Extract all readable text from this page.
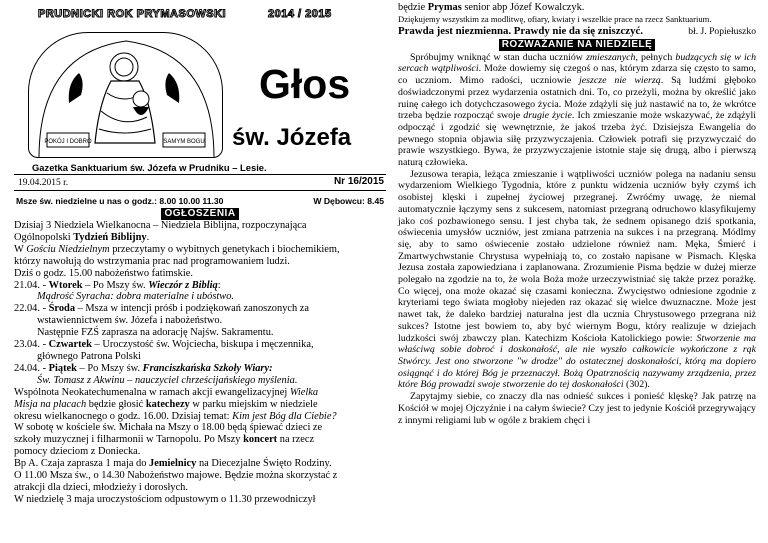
PRUDNICKI ROK PRYMASOWSKI	2014 / 2015
POKÓJ I DOBRO	SAMYM BOGU
Głos
św. Józefa
Gazetka Sanktuarium św. Józefa w Prudniku – Lesie.
19.04.2015 r.	Nr 16/2015
Msze św. niedzielne u nas o godz.: 8.00 10.00 11.30	W Dębowcu: 8.45
OGŁOSZENIA

Dzisiaj 3 Niedziela Wielkanocna – Niedziela Biblijna, rozpoczynająca

Ogólnopolski Tydzień Biblijny.

W Gościu Niedzielnym przeczytamy o wybitnych genetykach i biochemikiem,

którzy nawołują do wstrzymania prac nad programowaniem ludzi.

Dziś o godz. 15.00 nabożeństwo fatimskie.

21.04. - Wtorek – Po Mszy św. Wieczór z Biblią:

Mądrość Syracha: dobra materialne i ubóstwo.

22.04. - Środa – Msza w intencji próśb i podziękowań zanoszonych za

wstawiennictwem św. Józefa i nabożeństwo.

Następnie FZŚ zaprasza na adorację Najśw. Sakramentu.

23.04. - Czwartek – Uroczystość św. Wojciecha, biskupa i męczennika,

głównego Patrona Polski

24.04. - Piątek – Po Mszy św. Franciszkańska Szkoły Wiary:

Św. Tomasz z Akwinu – nauczyciel chrześcijańskiego myślenia.

Wspólnota Neokatechumenalna w ramach akcji ewangelizacyjnej Wielka

Misja na placach będzie głosić katechezy w parku miejskim w niedziele

okresu wielkanocnego o godz. 16.00. Dzisiaj temat: Kim jest Bóg dla Ciebie?

W sobotę w kościele św. Michała na Mszy o 18.00 będą śpiewać dzieci ze

szkoły muzycznej i filharmonii w Tarnopolu. Po Mszy koncert na rzecz

pomocy dzieciom z Doniecka.

Bp A. Czaja zaprasza 1 maja do Jemielnicy na Diecezjalne Święto Rodziny.

O 11.00 Msza św., o 14.30 Nabożeństwo majowe. Będzie można skorzystać z

atrakcji dla dzieci, młodzieży i dorosłych.

W niedzielę 3 maja uroczystościom odpustowym o 11.30 przewodniczył

będzie Prymas senior abp Józef Kowalczyk.

Dziękujemy wszystkim za modlitwę, ofiary, kwiaty i wszelkie prace na rzecz Sanktuarium.

Prawda jest niezmienna. Prawdy nie da się zniszczyć.	bł. J. Popiełuszko
ROZWAŻANIE NA NIEDZIELĘ

Spróbujmy wniknąć w stan ducha uczniów zmieszanych, pełnych budzących się w ich sercach wątpliwości. Może dowiemy się czegoś o nas, którym zdarza się często to samo, co uczniom. Mimo radości, uczniowie jeszcze nie wierzą. Są ludźmi głęboko doświadczonymi przez wydarzenia ostatnich dni. To, co przeżyli, można by określić jako ruinę całego ich dotychczasowego życia. Może zdążyli się już nastawić na to, że wkrótce trzeba będzie rozpocząć swoje drugie życie. Ich zmieszanie może wskazywać, że zdążyli odpocząć i zgodzić się wewnętrznie, że jakoś trzeba żyć. Dzisiejsza Ewangelia do pewnego stopnia objawia siłę przyzwyczajenia. Człowiek potrafi się przyzwyczaić do prawie wszystkiego. Bywa, że przyzwyczajenie istotnie staje się drugą, albo i pierwszą naturą człowieka.

Jezusowa terapia, leżąca zmieszanie i wątpliwości uczniów polega na nadaniu sensu wydarzeniom Wielkiego Tygodnia, które z punktu widzenia uczniów były czymś ich osobistej klęski i zupełnej życiowej przegranej. Zwróćmy uwagę, że niemal automatycznie łączymy sens z sukcesem, natomiast przegraną odruchowo klasyfikujemy jako coś pozbawionego sensu. I jest chyba tak, że sednem opisanego dziś spotkania, oświecenia umysłów uczniów, jest zmiana patrzenia na sukces i na przegraną. Módlmy się, aby to samo oświecenie zostało udzielone również nam. Męka, Śmierć i Zmartwychwstanie Chrystusa wypełniają to, co zostało napisane w Pismach. Klęska Jezusa została zapowiedziana i zaplanowana. Zrozumienie Pisma będzie w dużej mierze polegało na zgodzie na to, że wola Boża może urzeczywistniać się także przez porażkę. Co więcej, ona może okazać się czasami konieczna. Zwycięstwo odniesione zgodnie z kryteriami tego świata mogłoby niejeden raz okazać się wielce dwuznaczne. Może jest nawet tak, że daleko bardziej naturalna jest dla ucznia Chrystusowego przegrana niż sukces? Istotne jest bowiem to, aby być wiernym Bogu, który realizuje w dziejach ludzkości swój zbawczy plan. Katechizm Kościoła Katolickiego powie: Stworzenie ma właściwą sobie dobroć i doskonałość, ale nie wyszło całkowicie wykończone z rąk Stwórcy. Jest ono stworzone "w drodze" do ostatecznej doskonałości, którą ma dopiero osiągnąć i do której Bóg je przeznaczył. Bożą Opatrznością nazywamy zrządzenia, przez które Bóg prowadzi swoje stworzenie do tej doskonałości (302).

Zapytajmy siebie, co znaczy dla nas odnieść sukces i ponieść klęskę? Jak patrzę na Kościół w mojej Ojczyźnie i na całym świecie? Czy jest to jedynie Kościół przegrywający z innymi religiami lub w ogóle z brakiem chęci i
